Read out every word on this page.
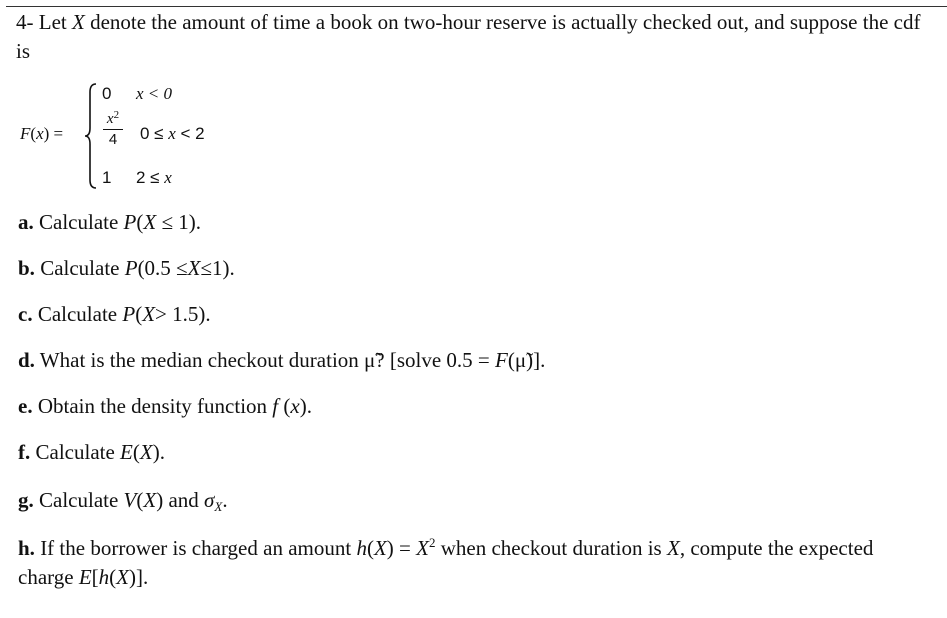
4- Let X denote the amount of time a book on two-hour reserve is actually checked out, and suppose the cdf is
F(x) =
0 x < 0
$x^2$
4	0 ≤ x < 2
1 2 ≤ x
a. Calculate P(X ≤ 1).
b. Calculate P(0.5 ≤X≤1).
c. Calculate P(X> 1.5).
d. What is the median checkout duration μ̃? [solve 0.5 = F(μ̃)].
e. Obtain the density function f (x).
f. Calculate E(X).
g. Calculate V(X) and $\sigma_X$.
h. If the borrower is charged an amount $h(X) = X^2$ when checkout duration is X, compute the expected charge E[h(X)].
